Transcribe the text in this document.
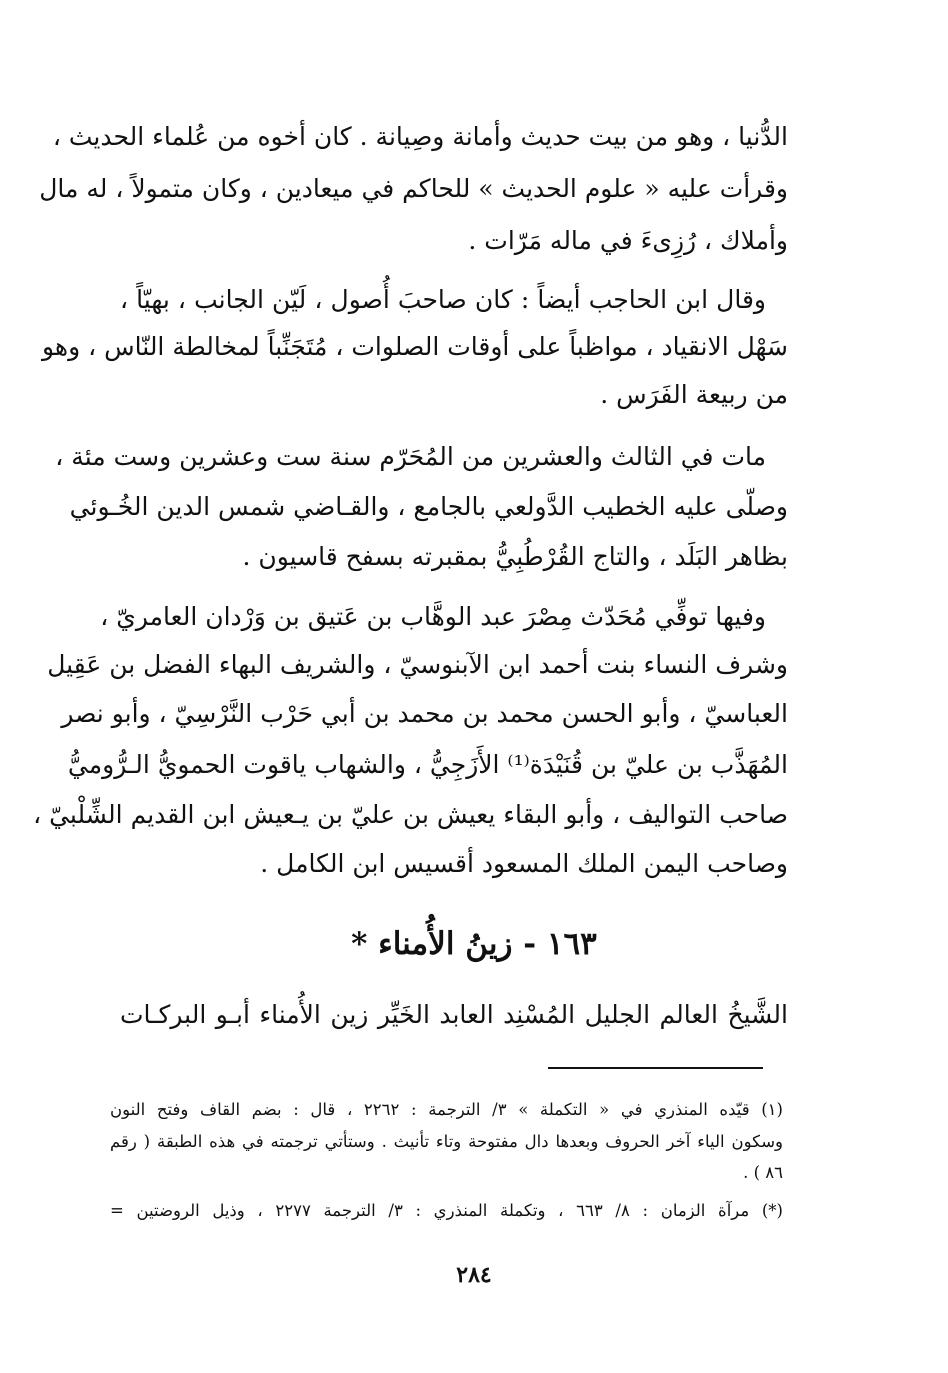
الدُّنيا ، وهو من بيت حديث وأمانة وصِيانة . كان أخوه من عُلماء الحديث ،
وقرأت عليه « علوم الحديث » للحاكم في ميعادين ، وكان متمولاً ، له مال
وأملاك ، رُزِىءَ في ماله مَرّات .
وقال ابن الحاجب أيضاً : كان صاحبَ أُصول ، لَيّن الجانب ، بهيّاً ،
سَهْل الانقياد ، مواظباً على أوقات الصلوات ، مُتَجَنِّباً لمخالطة النّاس ، وهو
من ربيعة الفَرَس .
مات في الثالث والعشرين من المُحَرّم سنة ست وعشرين وست مئة ،
وصلّى عليه الخطيب الدَّولعي بالجامع ، والقـاضي شمس الدين الخُـوئي
بظاهر البَلَد ، والتاج القُرْطُبِيُّ بمقبرته بسفح قاسيون .
وفيها توفِّي مُحَدّث مِصْرَ عبد الوهَّاب بن عَتيق بن وَرْدان العامريّ ،
وشرف النساء بنت أحمد ابن الآبنوسيّ ، والشريف البهاء الفضل بن عَقِيل
العباسيّ ، وأبو الحسن محمد بن محمد بن أبي حَرْب النَّرْسِيّ ، وأبو نصر
المُهَذَّب بن عليّ بن قُنَيْدَة⁽¹⁾ الأَزَجِيُّ ، والشهاب ياقوت الحمويُّ الـرُّوميُّ
صاحب التواليف ، وأبو البقاء يعيش بن عليّ بن يـعيش ابن القديم الشِّلْبيّ ،
وصاحب اليمن الملك المسعود أقسيس ابن الكامل .
١٦٣ - زينُ الأُمناء *
الشَّيخُ العالم الجليل المُسْنِد العابد الخَيِّر زين الأُمناء أبـو البركـات
(١) قيّده المنذري في « التكملة » ٣/ الترجمة : ٢٢٦٢ ، قال : بضم القاف وفتح النون
وسكون الياء آخر الحروف وبعدها دال مفتوحة وتاء تأنيث . وستأتي ترجمته في هذه الطبقة ( رقم
٨٦ ) .
(*) مرآة الزمان : ٨/ ٦٦٣ ، وتكملة المنذري : ٣/ الترجمة ٢٢٧٧ ، وذيل الروضتين =
٢٨٤
